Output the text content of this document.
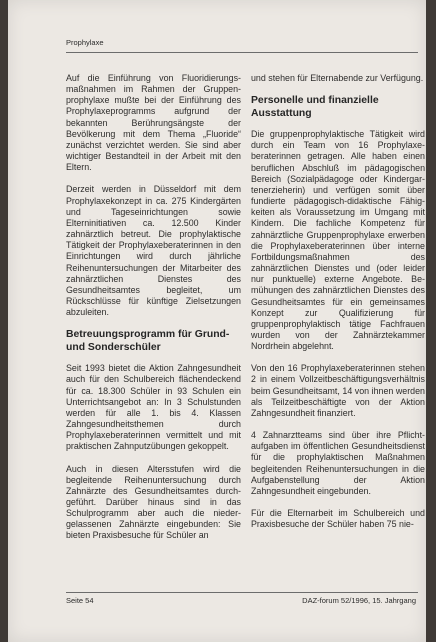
Prophylaxe

Auf die Einführung von Fluoridierungsmaßnahmen im Rahmen der Gruppenprophylaxe mußte bei der Einführung des Prophylaxeprogramms aufgrund der bekannten Berührungsängste der Bevölkerung mit dem Thema „Fluoride“ zunächst verzichtet werden. Sie sind aber wichtiger Bestandteil in der Arbeit mit den Eltern.

Derzeit werden in Düsseldorf mit dem Prophylaxekonzept in ca. 275 Kindergärten und Tageseinrichtungen sowie Elterninitiativen ca. 12.500 Kinder zahnärztlich betreut. Die prophylaktische Tätigkeit der Prophylaxeberaterinnen in den Einrichtungen wird durch jährliche Reihenuntersuchungen der Mitarbeiter des zahnärztlichen Dienstes des Gesundheitsamtes begleitet, um Rückschlüsse für künftige Zielsetzungen abzuleiten.

Betreuungsprogramm für Grund- und Sonderschüler

Seit 1993 bietet die Aktion Zahngesundheit auch für den Schulbereich flächendeckend für ca. 18.300 Schüler in 93 Schulen ein Unterrichtsangebot an: In 3 Schulstunden werden für alle 1. bis 4. Klassen Zahngesundheitsthemen durch Prophylaxeberaterinnen vermittelt und mit praktischen Zahnputzübungen gekoppelt.

Auch in diesen Altersstufen wird die begleitende Reihenuntersuchung durch Zahnärzte des Gesundheitsamtes durchgeführt. Darüber hinaus sind in das Schulprogramm aber auch die niedergelassenen Zahnärzte eingebunden: Sie bieten Praxisbesuche für Schüler an

und stehen für Elternabende zur Verfügung.

Personelle und finanzielle Ausstattung

Die gruppenprophylaktische Tätigkeit wird durch ein Team von 16 Prophylaxeberaterinnen getragen. Alle haben einen beruflichen Abschluß im pädagogischen Bereich (Sozialpädagoge oder Kindergartenerzieherin) und verfügen somit über fundierte pädagogisch-didaktische Fähigkeiten als Voraussetzung im Umgang mit Kindern. Die fachliche Kompetenz für zahnärztliche Gruppenprophylaxe erwerben die Prophylaxeberaterinnen über interne Fortbildungsmaßnahmen des zahnärztlichen Dienstes und (oder leider nur punktuelle) externe Angebote. Bemühungen des zahnärztlichen Dienstes des Gesundheitsamtes für ein gemeinsames Konzept zur Qualifizierung für gruppenprophylaktisch tätige Fachfrauen wurden von der Zahnärztekammer Nordrhein abgelehnt.

Von den 16 Prophylaxeberaterinnen stehen 2 in einem Vollzeitbeschäftigungsverhältnis beim Gesundheitsamt, 14 von ihnen werden als Teilzeitbeschäftigte von der Aktion Zahngesundheit finanziert.

4 Zahnarztteams sind über ihre Pflichtaufgaben im öffentlichen Gesundheitsdienst für die prophylaktischen Maßnahmen begleitenden Reihenuntersuchungen in die Aufgabenstellung der Aktion Zahngesundheit eingebunden.

Für die Elternarbeit im Schulbereich und Praxisbesuche der Schüler haben 75 nie-

Seite 54	DAZ-forum 52/1996, 15. Jahrgang
